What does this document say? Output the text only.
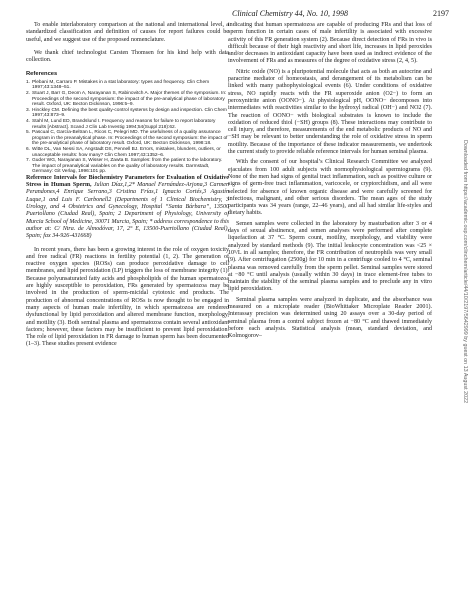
Clinical Chemistry 44, No. 10, 1998	2197

To enable interlaboratory comparison at the national and international level, a standardized classification and definition of causes for report failures could be useful, and we suggest use of the proposed nomenclature.

We thank chief technologist Carsten Thomsen for his kind help with data collection.

References
1. Plebani M, Carraro P. Mistakes in a stat laboratory: types and frequency. Clin Chem 1997;43:1348–51.
2. Stuart J, Barr G, Deom A, Narayanan S, Rabinovitch A. Major themes of the symposium. In: Proceedings of the second symposium: the impact of the pre-analytical phase of laboratory result. Oxford, UK: Becton Dickinson, 1996:5–9.
3. Hinckley CM. Defining the best quality-control systems by design and inspection. Clin Chem 1997;43:873–9.
4. Stahl M, Lund ED, Brandslund I. Frequency and reasons for failure to report laboratory results [Abstract]. Scand J Clin Lab Investig 1994;54(Suppl 218):62.
5. Pascual C, García-Beltran L, Ricos C, Pelegri MD. The usefulness of a quality assurance program in the preanalytical phase. In: Proceedings of the second symposium: the impact of the pre-analytical phase of laboratory result. Oxford, UK: Becton Dickinson, 1998:18.
6. Witte DL, Van Nessi SA, Angstadt DS, Pennell BJ. Errors, mistakes, blunders, outliers, or unacceptable results: how many? Clin Chem 1997;43:1352–6.
7. Guder WG, Narayanan S, Wisser H, Zawta B. Samples: from the patient to the laboratory. The impact of preanalytical variables on the quality of laboratory results. Darmstadt, Germany: Git Verlag, 1996:101 pp.

Reference Intervals for Biochemistry Parameters for Evaluation of Oxidative Stress in Human Sperm, Julian Díaz,1,2* Manuel Fernández-Arjona,3 Carmen Perandones,4 Enrique Serrano,3 Cristina Frías,1 Ignacio Cortés,3 Agustín Luque,1 and Luis F. Carbonell2 (Departments of 1 Clinical Biochemistry, 3 Urology, and 4 Obstetrics and Gynecology, Hospital “Santa Bárbara”, 13500 Puertollano (Ciudad Real), Spain; 2 Department of Physiology, University of Murcia School of Medicine, 30071 Murcia, Spain; * address correspondence to this author at: C/ Ntra. de Almodóvar, 17, 2° E, 13500-Puertollano (Ciudad Real), Spain; fax 34-926-431668)

In recent years, there has been a growing interest in the role of oxygen toxicity and free radical (FR) reactions in fertility potential (1, 2). The generation of reactive oxygen species (ROSs) can produce peroxidative damage to cell membranes, and lipid peroxidation (LP) triggers the loss of membrane integrity (1). Because polyunsaturated fatty acids and phospholipids of the human spermatozoa are highly susceptible to peroxidation, FRs generated by spermatozoa may be involved in the production of sperm-micidal cytotoxic end products. The production of abnormal concentrations of ROSs is now thought to be engaged in many aspects of human male infertility, in which spermatozoa are rendered dysfunctional by lipid peroxidation and altered membrane function, morphology, and motility (3). Both seminal plasma and spermatozoa contain several antioxidant factors; however, these factors may be insufficient to prevent lipid peroxidation. The role of lipid peroxidation in FR damage to human sperm has been documented (1–3). These studies present evidence

indicating that human spermatozoa are capable of producing FRs and that loss of sperm function in certain cases of male infertility is associated with excessive activity of this FR generation system (2). Because direct detection of FRs in vivo is difficult because of their high reactivity and short life, increases in lipid peroxides and/or decreases in antioxidant capacity have been used as indirect evidence of the involvement of FRs and as measures of the degree of oxidative stress (2, 4, 5).

Nitric oxide (NO) is a pluripotential molecule that acts as both an autocrine and paracrine mediator of homeostasis, and derangement of its metabolism can be linked with many pathophysiological events (6). Under conditions of oxidative stress, NO rapidly reacts with the FR superoxide anion (O2−) to form an peroxynitrite anion (OONO−). At physiological pH, OONO− decomposes into intermediates with reactivities similar to the hydroxyl radical (OH−) and NO2 (7). The reaction of OONO− with biological substrates is known to include the oxidation of reduced thiol (−SH) groups (8). These interactions may contribute to cell injury, and therefore, measurements of the end metabolic products of NO and −SH may be relevant to better understanding the role of oxidative stress in sperm motility. Because of the importance of these indicator measurements, we undertook the current study to provide reliable reference intervals for human seminal plasma.

With the consent of our hospital’s Clinical Research Committee we analyzed ejaculates from 100 adult subjects with normophysiological spermiograms (9). None of the men had signs of genital tract inflammation, such as positive culture or signs of germ-free tract inflammation, varicocele, or cryptorchidism, and all were selected for absence of known organic disease and were carefully screened for infectious, malignant, and other serious disorders. The mean ages of the study participants was 34 years (range, 22–46 years), and all had similar life-styles and dietary habits.

Semen samples were collected in the laboratory by masturbation after 3 or 4 days of sexual abstinence, and semen analyses were performed after complete liquefaction at 37 °C. Sperm count, motility, morphology, and viability were analyzed by standard methods (9). The initial leukocyte concentration was <25 × 10⁵/L in all samples; therefore, the FR contribution of neutrophils was very small (9). After centrifugation (2500g) for 10 min in a centrifuge cooled to 4 °C, seminal plasma was removed carefully from the sperm pellet. Seminal samples were stored at −80 °C until analysis (usually within 30 days) in trace element-free tubes to maintain the stability of the seminal plasma samples and to preclude any in vitro lipid peroxidation.

Seminal plasma samples were analyzed in duplicate, and the absorbance was measured on a microplate reader (BioWhittaker Microplate Reader 2001). Interassay precision was determined using 20 assays over a 30-day period of seminal plasma from a control subject frozen at −80 °C and thawed immediately before each analysis. Statistical analysis (mean, standard deviation, and Kolmogorov–	Downloaded from https://academic.oup.com/clinchem/article/44/10/2197/5642999 by guest on 13 August 2022
